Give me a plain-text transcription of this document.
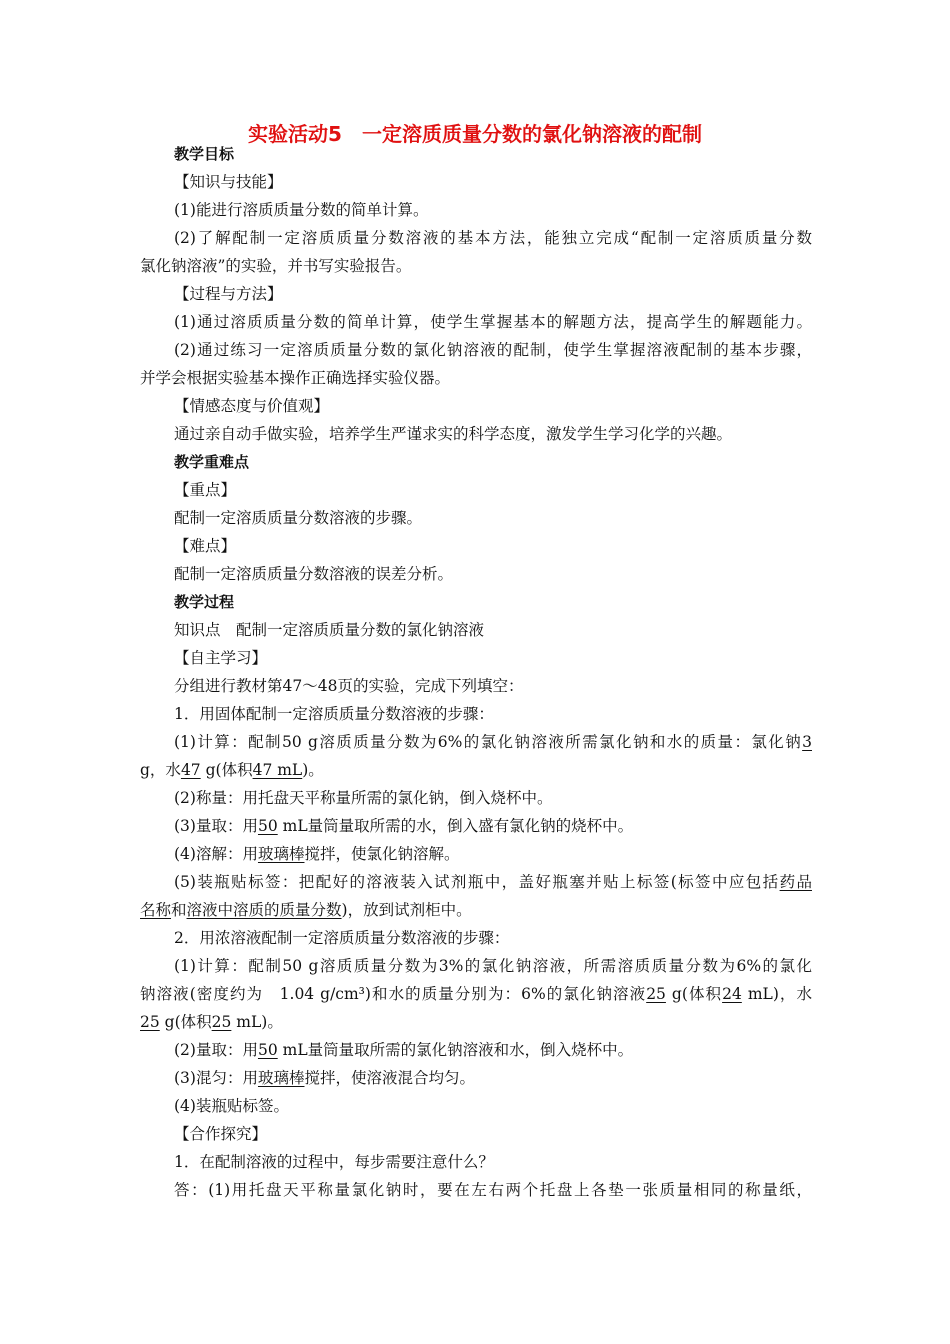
实验活动5　一定溶质质量分数的氯化钠溶液的配制
教学目标
【知识与技能】
(1)能进行溶质质量分数的简单计算。
(2)了解配制一定溶质质量分数溶液的基本方法，能独立完成“配制一定溶质质量分数
氯化钠溶液”的实验，并书写实验报告。
【过程与方法】
(1)通过溶质质量分数的简单计算，使学生掌握基本的解题方法，提高学生的解题能力。
(2)通过练习一定溶质质量分数的氯化钠溶液的配制，使学生掌握溶液配制的基本步骤，
并学会根据实验基本操作正确选择实验仪器。
【情感态度与价值观】
通过亲自动手做实验，培养学生严谨求实的科学态度，激发学生学习化学的兴趣。
教学重难点
【重点】
配制一定溶质质量分数溶液的步骤。
【难点】
配制一定溶质质量分数溶液的误差分析。
教学过程
知识点　配制一定溶质质量分数的氯化钠溶液
【自主学习】
分组进行教材第47～48页的实验，完成下列填空：
1．用固体配制一定溶质质量分数溶液的步骤：
(1)计算：配制50 g溶质质量分数为6%的氯化钠溶液所需氯化钠和水的质量：氯化钠3
g，水47 g(体积47 mL)。
(2)称量：用托盘天平称量所需的氯化钠，倒入烧杯中。
(3)量取：用50 mL量筒量取所需的水，倒入盛有氯化钠的烧杯中。
(4)溶解：用玻璃棒搅拌，使氯化钠溶解。
(5)装瓶贴标签：把配好的溶液装入试剂瓶中，盖好瓶塞并贴上标签(标签中应包括药品
名称和溶液中溶质的质量分数)，放到试剂柜中。
2．用浓溶液配制一定溶质质量分数溶液的步骤：
(1)计算：配制50 g溶质质量分数为3%的氯化钠溶液，所需溶质质量分数为6%的氯化
钠溶液(密度约为　1.04 g/cm³)和水的质量分别为：6%的氯化钠溶液25 g(体积24 mL)，水
25 g(体积25 mL)。
(2)量取：用50 mL量筒量取所需的氯化钠溶液和水，倒入烧杯中。
(3)混匀：用玻璃棒搅拌，使溶液混合均匀。
(4)装瓶贴标签。
【合作探究】
1．在配制溶液的过程中，每步需要注意什么？
答：(1)用托盘天平称量氯化钠时，要在左右两个托盘上各垫一张质量相同的称量纸，
